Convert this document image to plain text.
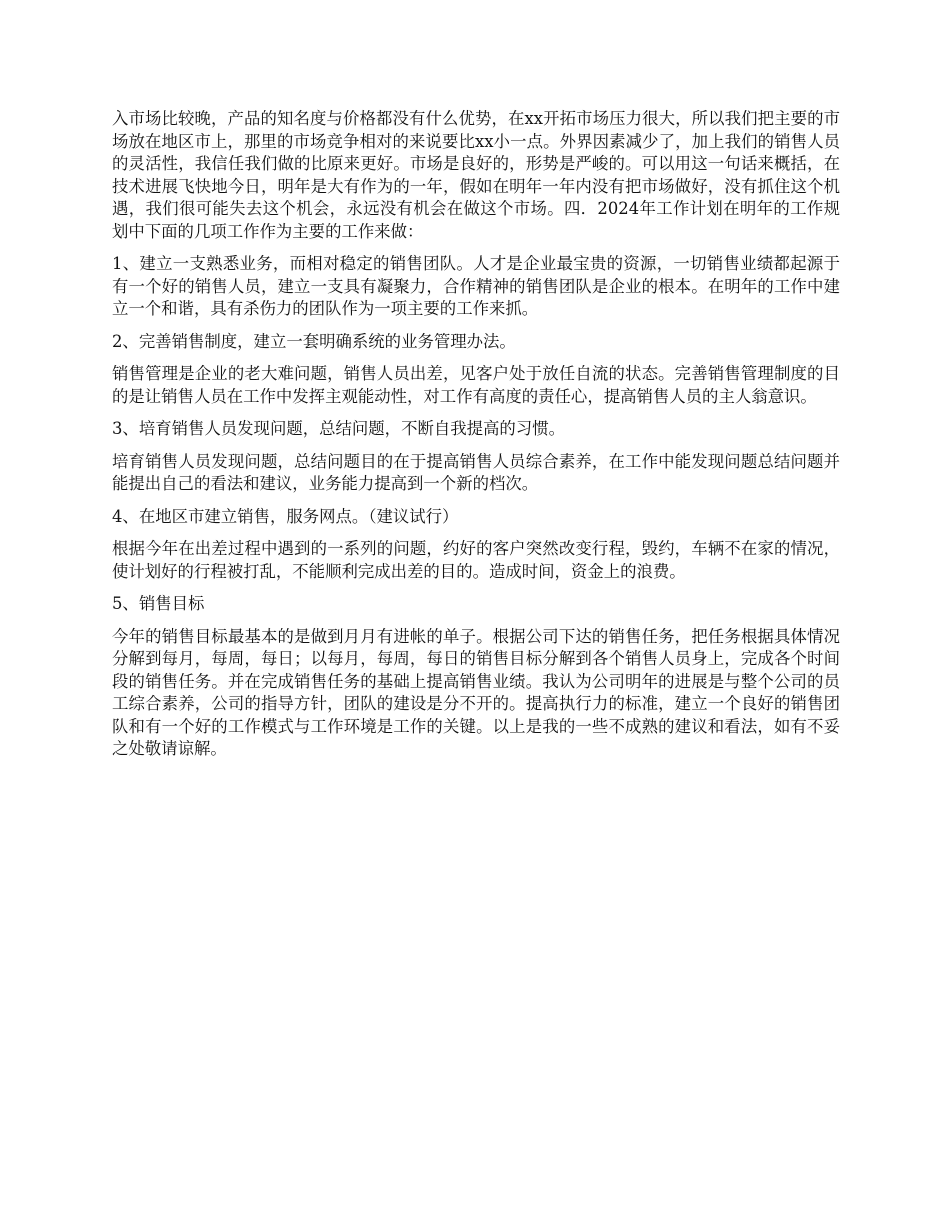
入市场比较晚，产品的知名度与价格都没有什么优势，在xx开拓市场压力很大，所以我们把主要的市场放在地区市上，那里的市场竞争相对的来说要比xx小一点。外界因素减少了，加上我们的销售人员的灵活性，我信任我们做的比原来更好。市场是良好的，形势是严峻的。可以用这一句话来概括，在技术进展飞快地今日，明年是大有作为的一年，假如在明年一年内没有把市场做好，没有抓住这个机遇，我们很可能失去这个机会，永远没有机会在做这个市场。四．2024年工作计划在明年的工作规划中下面的几项工作作为主要的工作来做：

1、建立一支熟悉业务，而相对稳定的销售团队。人才是企业最宝贵的资源，一切销售业绩都起源于有一个好的销售人员，建立一支具有凝聚力，合作精神的销售团队是企业的根本。在明年的工作中建立一个和谐，具有杀伤力的团队作为一项主要的工作来抓。

2、完善销售制度，建立一套明确系统的业务管理办法。

销售管理是企业的老大难问题，销售人员出差，见客户处于放任自流的状态。完善销售管理制度的目的是让销售人员在工作中发挥主观能动性，对工作有高度的责任心，提高销售人员的主人翁意识。

3、培育销售人员发现问题，总结问题，不断自我提高的习惯。

培育销售人员发现问题，总结问题目的在于提高销售人员综合素养，在工作中能发现问题总结问题并能提出自己的看法和建议，业务能力提高到一个新的档次。

4、在地区市建立销售，服务网点。（建议试行）

根据今年在出差过程中遇到的一系列的问题，约好的客户突然改变行程，毁约，车辆不在家的情况，使计划好的行程被打乱，不能顺利完成出差的目的。造成时间，资金上的浪费。

5、销售目标

今年的销售目标最基本的是做到月月有进帐的单子。根据公司下达的销售任务，把任务根据具体情况分解到每月，每周，每日；以每月，每周，每日的销售目标分解到各个销售人员身上，完成各个时间段的销售任务。并在完成销售任务的基础上提高销售业绩。我认为公司明年的进展是与整个公司的员工综合素养，公司的指导方针，团队的建设是分不开的。提高执行力的标准，建立一个良好的销售团队和有一个好的工作模式与工作环境是工作的关键。以上是我的一些不成熟的建议和看法，如有不妥之处敬请谅解。
